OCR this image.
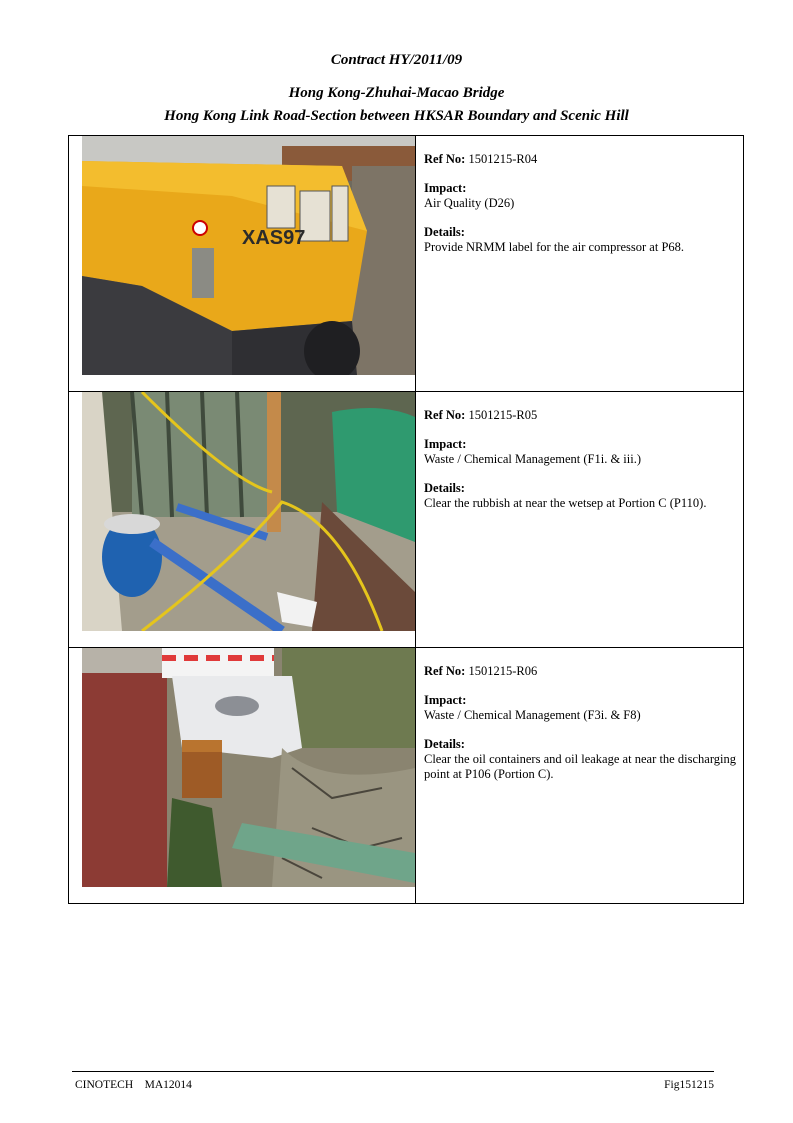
Contract HY/2011/09
Hong Kong-Zhuhai-Macao Bridge
Hong Kong Link Road-Section between HKSAR Boundary and Scenic Hill
XAS97	Ref No: 1501215-R04
Impact:
Air Quality (D26)
Details:
Provide NRMM label for the air compressor at P68.

Ref No: 1501215-R05
Impact:
Waste / Chemical Management (F1i. & iii.)
Details:
Clear the rubbish at near the wetsep at Portion C (P110).

Ref No: 1501215-R06
Impact:
Waste / Chemical Management (F3i. & F8)
Details:
Clear the oil containers and oil leakage at near the discharging point at P106 (Portion C).
CINOTECH    MA12014	Fig151215
